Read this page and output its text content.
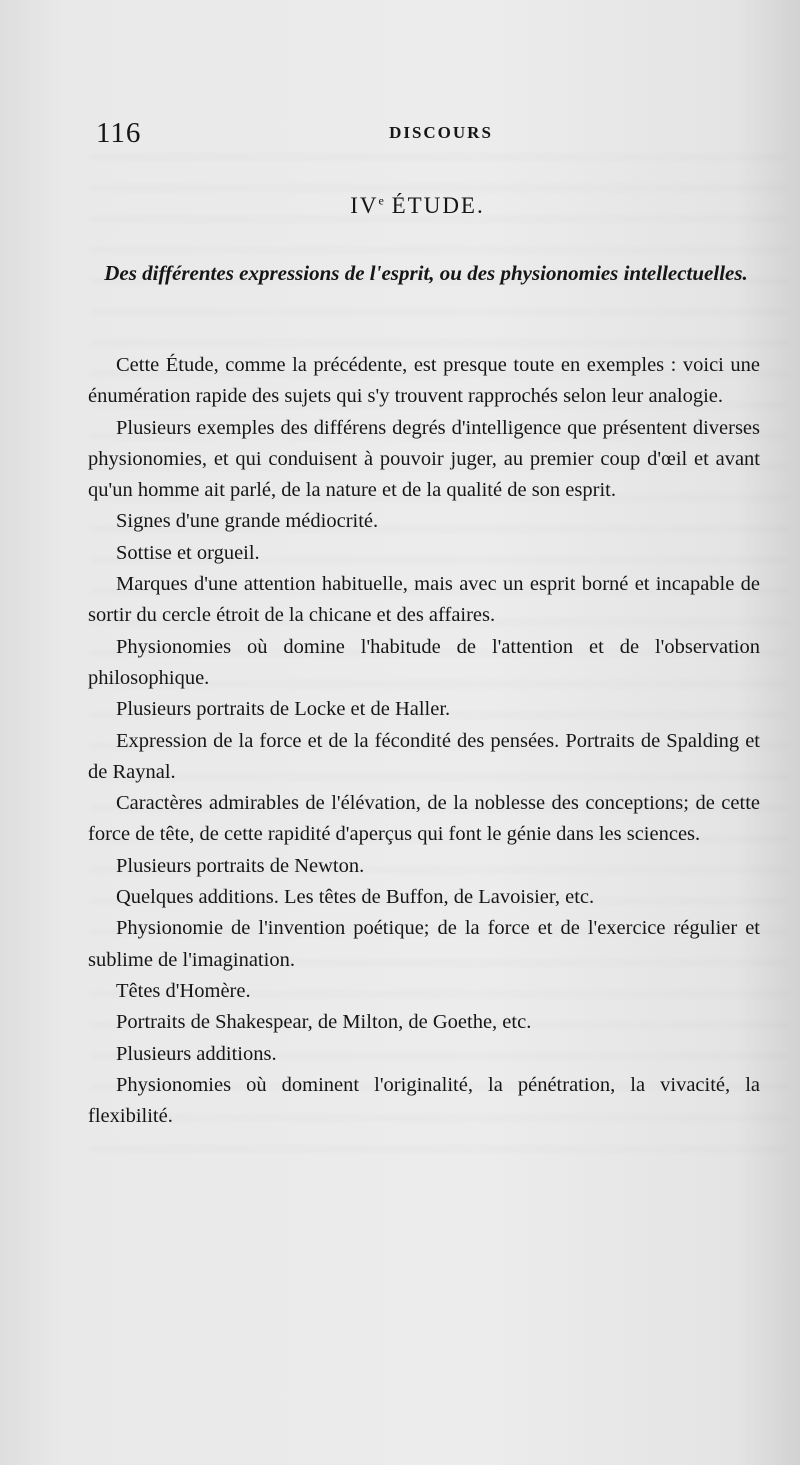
116	DISCOURS
IVe ÉTUDE.
Des différentes expressions de l'esprit, ou des physionomies intellectuelles.

Cette Étude, comme la précédente, est presque toute en exemples : voici une énumération rapide des sujets qui s'y trouvent rapprochés selon leur analogie.

Plusieurs exemples des différens degrés d'intelligence que présentent diverses physionomies, et qui conduisent à pouvoir juger, au premier coup d'œil et avant qu'un homme ait parlé, de la nature et de la qualité de son esprit.

Signes d'une grande médiocrité.

Sottise et orgueil.

Marques d'une attention habituelle, mais avec un esprit borné et incapable de sortir du cercle étroit de la chicane et des affaires.

Physionomies où domine l'habitude de l'attention et de l'observation philosophique.

Plusieurs portraits de Locke et de Haller.

Expression de la force et de la fécondité des pensées. Portraits de Spalding et de Raynal.

Caractères admirables de l'élévation, de la noblesse des conceptions; de cette force de tête, de cette rapidité d'aperçus qui font le génie dans les sciences.

Plusieurs portraits de Newton.

Quelques additions. Les têtes de Buffon, de Lavoisier, etc.

Physionomie de l'invention poétique; de la force et de l'exercice régulier et sublime de l'imagination.

Têtes d'Homère.

Portraits de Shakespear, de Milton, de Goethe, etc.

Plusieurs additions.

Physionomies où dominent l'originalité, la pénétration, la vivacité, la flexibilité.
